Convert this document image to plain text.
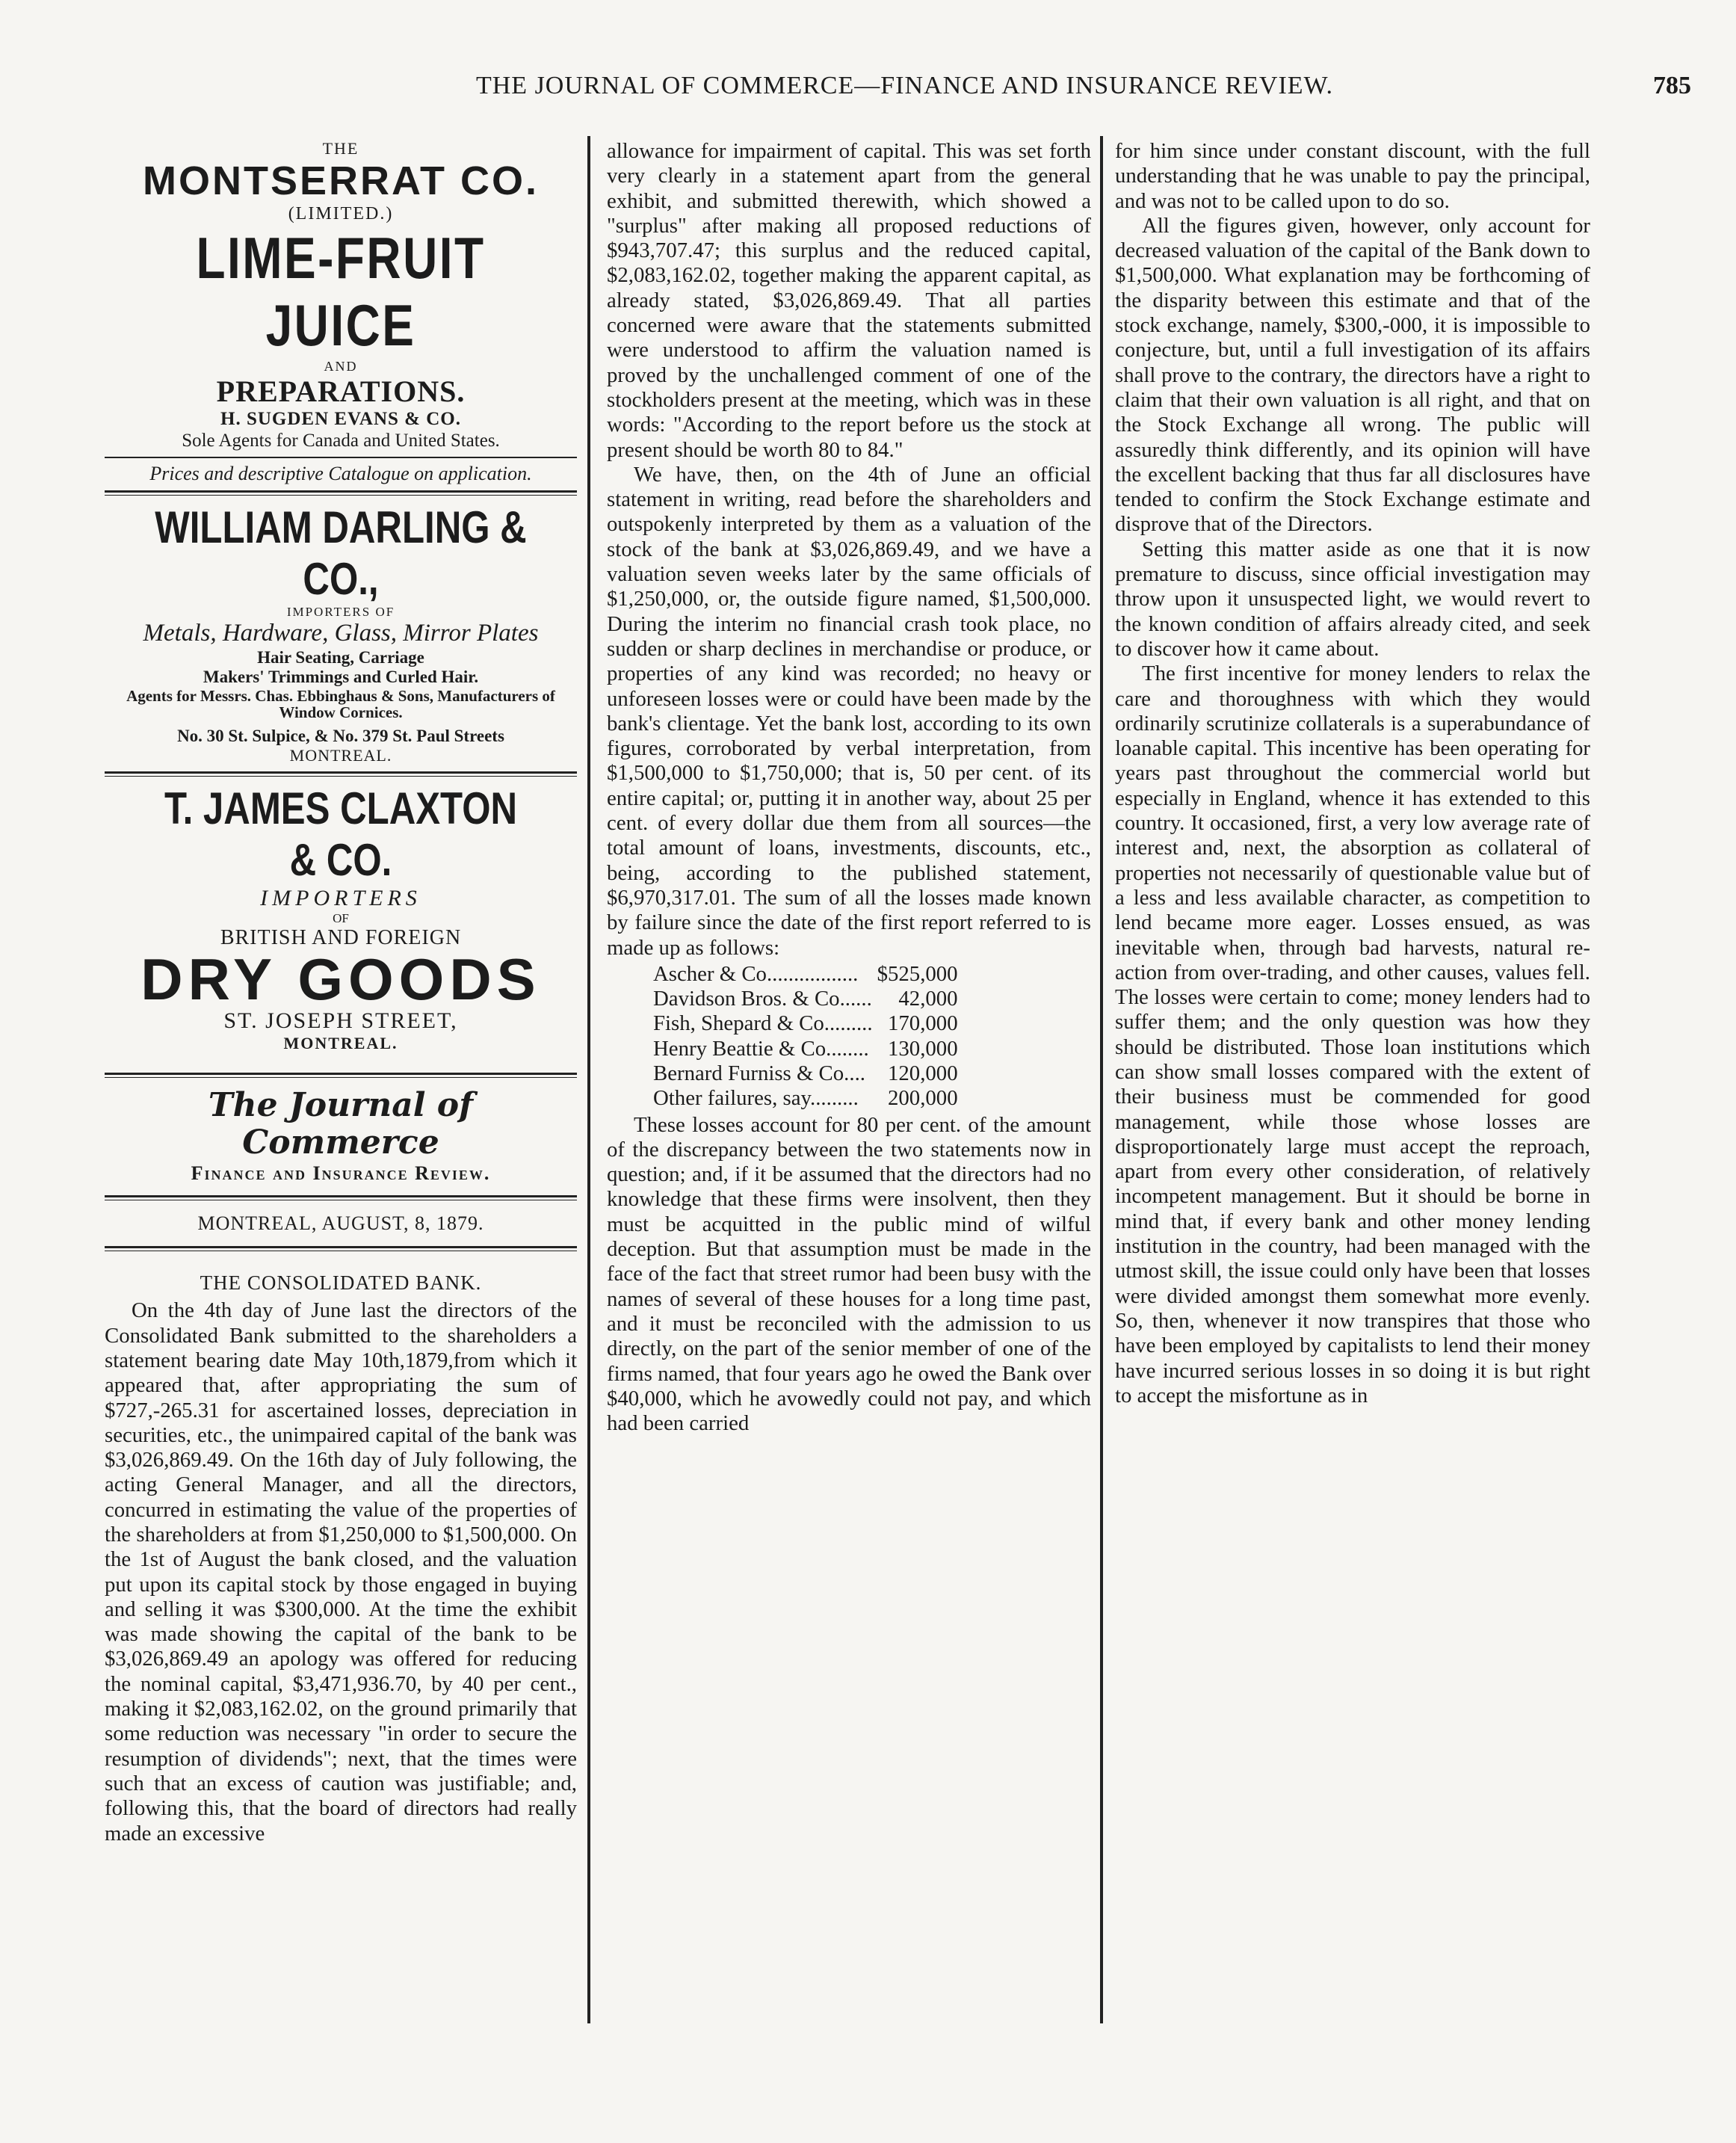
THE JOURNAL OF COMMERCE—FINANCE AND INSURANCE REVIEW.	785
THE
MONTSERRAT CO.
(LIMITED.)
LIME-FRUIT JUICE
AND
PREPARATIONS.
H. SUGDEN EVANS & CO.
Sole Agents for Canada and United States.
Prices and descriptive Catalogue on application.
WILLIAM DARLING & CO.,
IMPORTERS OF
Metals, Hardware, Glass, Mirror Plates
Hair Seating, Carriage
Makers' Trimmings and Curled Hair.
Agents for Messrs. Chas. Ebbinghaus & Sons, Manufacturers of Window Cornices.
No. 30 St. Sulpice, & No. 379 St. Paul Streets
MONTREAL.
T. JAMES CLAXTON & CO.
IMPORTERS
OF
BRITISH AND FOREIGN
DRY GOODS
ST. JOSEPH STREET,
MONTREAL.
The Journal of Commerce
Finance and Insurance Review.
MONTREAL, AUGUST, 8, 1879.
THE CONSOLIDATED BANK.

On the 4th day of June last the directors of the Consolidated Bank submitted to the shareholders a statement bearing date May 10th,1879,from which it appeared that, after appropriating the sum of $727,-265.31 for ascertained losses, depreciation in securities, etc., the unimpaired capital of the bank was $3,026,869.49. On the 16th day of July following, the acting General Manager, and all the directors, concurred in estimating the value of the properties of the shareholders at from $1,250,000 to $1,500,000. On the 1st of August the bank closed, and the valuation put upon its capital stock by those engaged in buying and selling it was $300,000. At the time the exhibit was made showing the capital of the bank to be $3,026,869.49 an apology was offered for reducing the nominal capital, $3,471,936.70, by 40 per cent., making it $2,083,162.02, on the ground primarily that some reduction was necessary "in order to secure the resumption of dividends"; next, that the times were such that an excess of caution was justifiable; and, following this, that the board of directors had really made an excessive

allowance for impairment of capital. This was set forth very clearly in a statement apart from the general exhibit, and submitted therewith, which showed a "surplus" after making all proposed reductions of $943,707.47; this surplus and the reduced capital, $2,083,162.02, together making the apparent capital, as already stated, $3,026,869.49. That all parties concerned were aware that the statements submitted were understood to affirm the valuation named is proved by the unchallenged comment of one of the stockholders present at the meeting, which was in these words: "According to the report before us the stock at present should be worth 80 to 84."

We have, then, on the 4th of June an official statement in writing, read before the shareholders and outspokenly interpreted by them as a valuation of the stock of the bank at $3,026,869.49, and we have a valuation seven weeks later by the same officials of $1,250,000, or, the outside figure named, $1,500,000. During the interim no financial crash took place, no sudden or sharp declines in merchandise or produce, or properties of any kind was recorded; no heavy or unforeseen losses were or could have been made by the bank's clientage. Yet the bank lost, according to its own figures, corroborated by verbal interpretation, from $1,500,000 to $1,750,000; that is, 50 per cent. of its entire capital; or, putting it in another way, about 25 per cent. of every dollar due them from all sources—the total amount of loans, investments, discounts, etc., being, according to the published statement, $6,970,317.01. The sum of all the losses made known by failure since the date of the first report referred to is made up as follows:

Ascher & Co.................	$525,000
Davidson Bros. & Co......	42,000
Fish, Shepard & Co.........	170,000
Henry Beattie & Co........	130,000
Bernard Furniss & Co....	120,000
Other failures, say.........	200,000

These losses account for 80 per cent. of the amount of the discrepancy between the two statements now in question; and, if it be assumed that the directors had no knowledge that these firms were insolvent, then they must be acquitted in the public mind of wilful deception. But that assumption must be made in the face of the fact that street rumor had been busy with the names of several of these houses for a long time past, and it must be reconciled with the admission to us directly, on the part of the senior member of one of the firms named, that four years ago he owed the Bank over $40,000, which he avowedly could not pay, and which had been carried

for him since under constant discount, with the full understanding that he was unable to pay the principal, and was not to be called upon to do so.

All the figures given, however, only account for decreased valuation of the capital of the Bank down to $1,500,000. What explanation may be forthcoming of the disparity between this estimate and that of the stock exchange, namely, $300,-000, it is impossible to conjecture, but, until a full investigation of its affairs shall prove to the contrary, the directors have a right to claim that their own valuation is all right, and that on the Stock Exchange all wrong. The public will assuredly think differently, and its opinion will have the excellent backing that thus far all disclosures have tended to confirm the Stock Exchange estimate and disprove that of the Directors.

Setting this matter aside as one that it is now premature to discuss, since official investigation may throw upon it unsuspected light, we would revert to the known condition of affairs already cited, and seek to discover how it came about.

The first incentive for money lenders to relax the care and thoroughness with which they would ordinarily scrutinize collaterals is a superabundance of loanable capital. This incentive has been operating for years past throughout the commercial world but especially in England, whence it has extended to this country. It occasioned, first, a very low average rate of interest and, next, the absorption as collateral of properties not necessarily of questionable value but of a less and less available character, as competition to lend became more eager. Losses ensued, as was inevitable when, through bad harvests, natural re-action from over-trading, and other causes, values fell. The losses were certain to come; money lenders had to suffer them; and the only question was how they should be distributed. Those loan institutions which can show small losses compared with the extent of their business must be commended for good management, while those whose losses are disproportionately large must accept the reproach, apart from every other consideration, of relatively incompetent management. But it should be borne in mind that, if every bank and other money lending institution in the country, had been managed with the utmost skill, the issue could only have been that losses were divided amongst them somewhat more evenly. So, then, whenever it now transpires that those who have been employed by capitalists to lend their money have incurred serious losses in so doing it is but right to accept the misfortune as in
